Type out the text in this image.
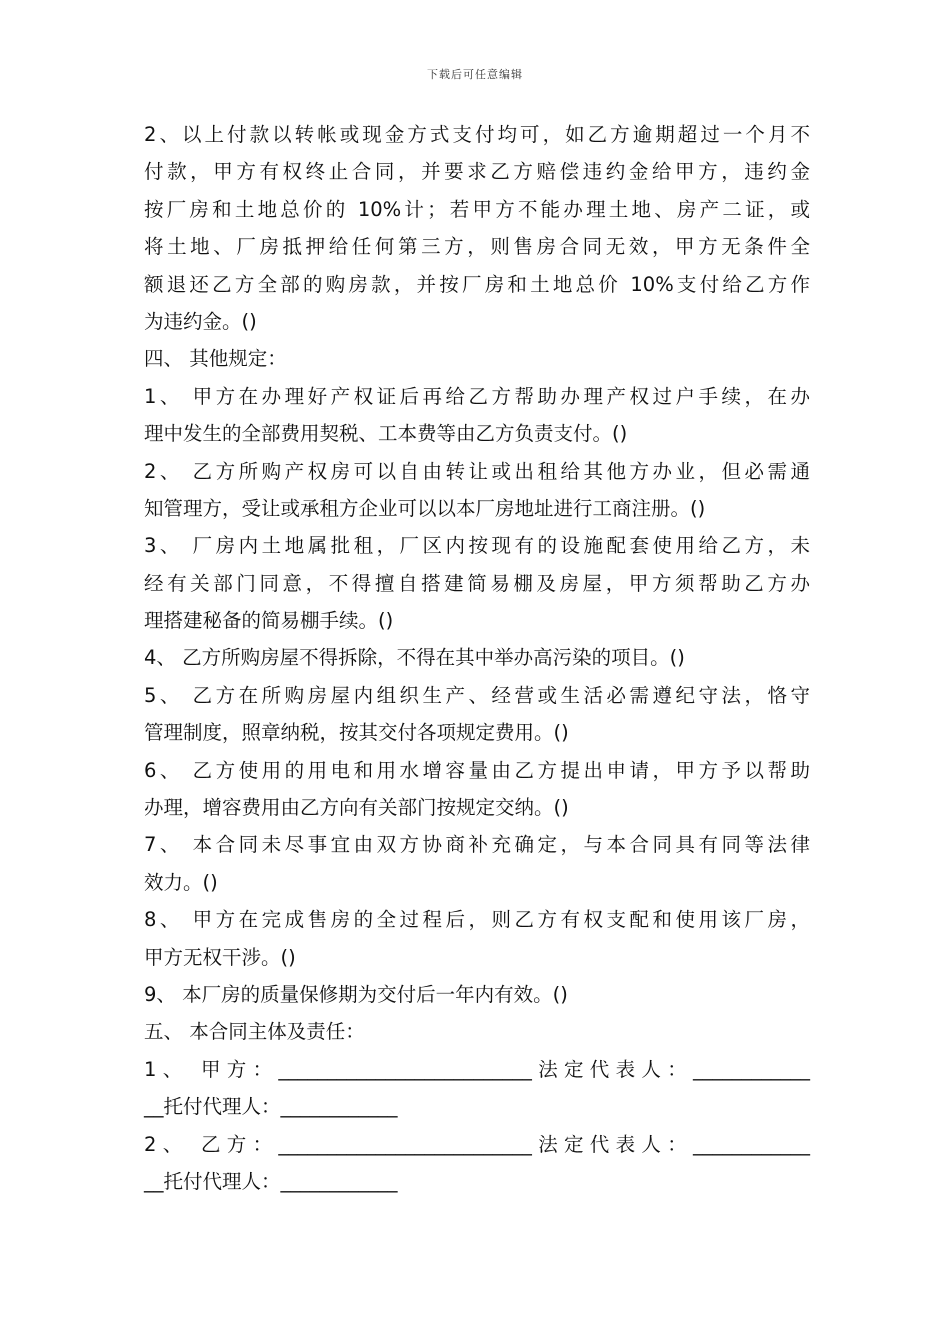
下载后可任意编辑
2、以上付款以转帐或现金方式支付均可，如乙方逾期超过一个月不
付款，甲方有权终止合同，并要求乙方赔偿违约金给甲方，违约金
按厂房和土地总价的 10%计；若甲方不能办理土地、房产二证，或
将土地、厂房抵押给任何第三方，则售房合同无效，甲方无条件全
额退还乙方全部的购房款，并按厂房和土地总价 10%支付给乙方作
为违约金。()
四、 其他规定：
1、 甲方在办理好产权证后再给乙方帮助办理产权过户手续，在办
理中发生的全部费用契税、工本费等由乙方负责支付。()
2、 乙方所购产权房可以自由转让或出租给其他方办业，但必需通
知管理方，受让或承租方企业可以以本厂房地址进行工商注册。()
3、 厂房内土地属批租，厂区内按现有的设施配套使用给乙方，未
经有关部门同意，不得擅自搭建简易棚及房屋，甲方须帮助乙方办
理搭建秘备的简易棚手续。()
4、 乙方所购房屋不得拆除，不得在其中举办高污染的项目。()
5、 乙方在所购房屋内组织生产、经营或生活必需遵纪守法，恪守
管理制度，照章纳税，按其交付各项规定费用。()
6、 乙方使用的用电和用水增容量由乙方提出申请，甲方予以帮助
办理，增容费用由乙方向有关部门按规定交纳。()
7、 本合同未尽事宜由双方协商补充确定，与本合同具有同等法律
效力。()
8、 甲方在完成售房的全过程后，则乙方有权支配和使用该厂房，
甲方无权干涉。()
9、 本厂房的质量保修期为交付后一年内有效。()
五、 本合同主体及责任：
1、 甲方：__________________________法定代表人：____________
__托付代理人：____________
2、 乙方：__________________________法定代表人：____________
__托付代理人：____________
